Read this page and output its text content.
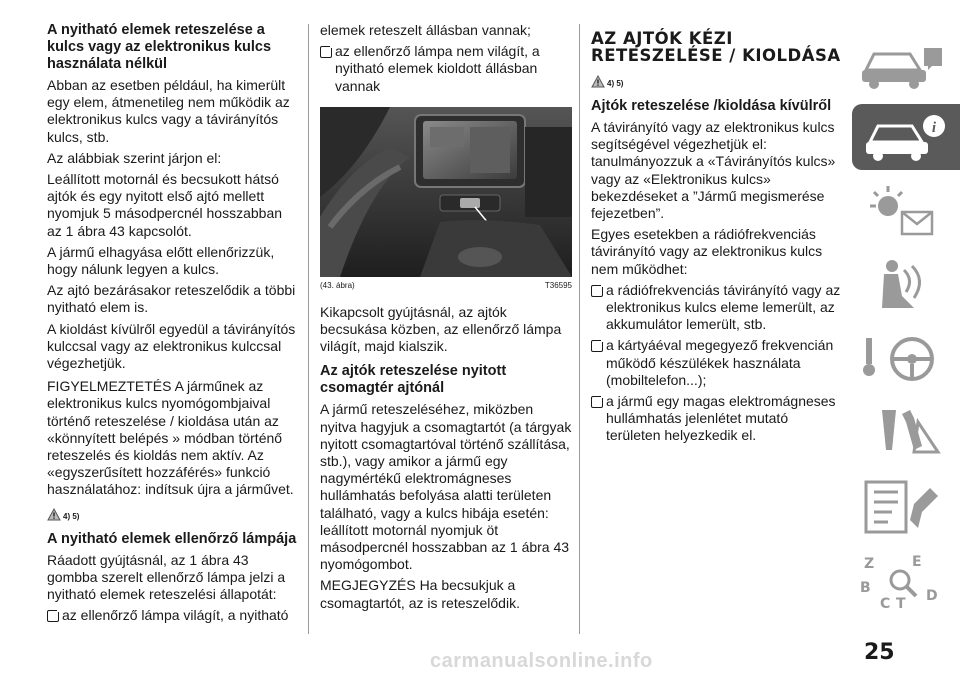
A nyitható elemek reteszelése a kulcs vagy az elektronikus kulcs használata nélkül

Abban az esetben például, ha kimerült egy elem, átmenetileg nem működik az elektronikus kulcs vagy a távirányítós kulcs, stb.

Az alábbiak szerint járjon el:

Leállított motornál és becsukott hátsó ajtók és egy nyitott első ajtó mellett nyomjuk 5 másodpercnél hosszabban az 1 ábra 43 kapcsolót.

A jármű elhagyása előtt ellenőrizzük, hogy nálunk legyen a kulcs.

Az ajtó bezárásakor reteszelődik a többi nyitható elem is.

A kioldást kívülről egyedül a távirányítós kulccsal vagy az elektronikus kulccsal végezhetjük.

FIGYELMEZTETÉS A járműnek az elektronikus kulcs nyomógombjaival történő reteszelése / kioldása után az «könnyített belépés » módban történő reteszelés és kioldás nem aktív. Az «egyszerűsített hozzáférés» funkció használatához: indítsuk újra a járművet.

4) 5)
A nyitható elemek ellenőrző lámpája

Ráadott gyújtásnál, az 1 ábra 43 gombba szerelt ellenőrző lámpa jelzi a nyitható elemek reteszelési állapotát:

az ellenőrző lámpa világít, a nyitható

elemek reteszelt állásban vannak;

az ellenőrző lámpa nem világít, a nyitható elemek kioldott állásban vannak

(43. ábra)	T36595

Kikapcsolt gyújtásnál, az ajtók becsukása közben, az ellenőrző lámpa világít, majd kialszik.

Az ajtók reteszelése nyitott csomagtér ajtónál

A jármű reteszeléséhez, miközben nyitva hagyjuk a csomagtartót (a tárgyak nyitott csomagtartóval történő szállítása, stb.), vagy amikor a jármű egy nagymértékű elektromágneses hullámhatás befolyása alatti területen található, vagy a kulcs hibája esetén: leállított motornál nyomjuk öt másodpercnél hosszabban az 1 ábra 43 nyomógombot.

MEGJEGYZÉS Ha becsukjuk a csomagtartót, az is reteszelődik.

AZ AJTÓK KÉZI RETESZELÉSE / KIOLDÁSA
4) 5)
Ajtók reteszelése /kioldása kívülről

A távirányító vagy az elektronikus kulcs segítségével végezhetjük el: tanulmányozzuk a «Távirányítós kulcs» vagy az «Elektronikus kulcs» bekezdéseket a ”Jármű megismerése fejezetben”.

Egyes esetekben a rádiófrekvenciás távirányító vagy az elektronikus kulcs nem működhet:

a rádiófrekvenciás távirányító vagy az elektronikus kulcs eleme lemerült, az akkumulátor lemerült, stb.

a kártyáéval megegyező frekvencián működő készülékek használata (mobiltelefon...);

a jármű egy magas elektromágneses hullámhatás jelenlétet mutató területen helyezkedik el.

i
Z	E
B
C T D
25
carmanualsonline.info
